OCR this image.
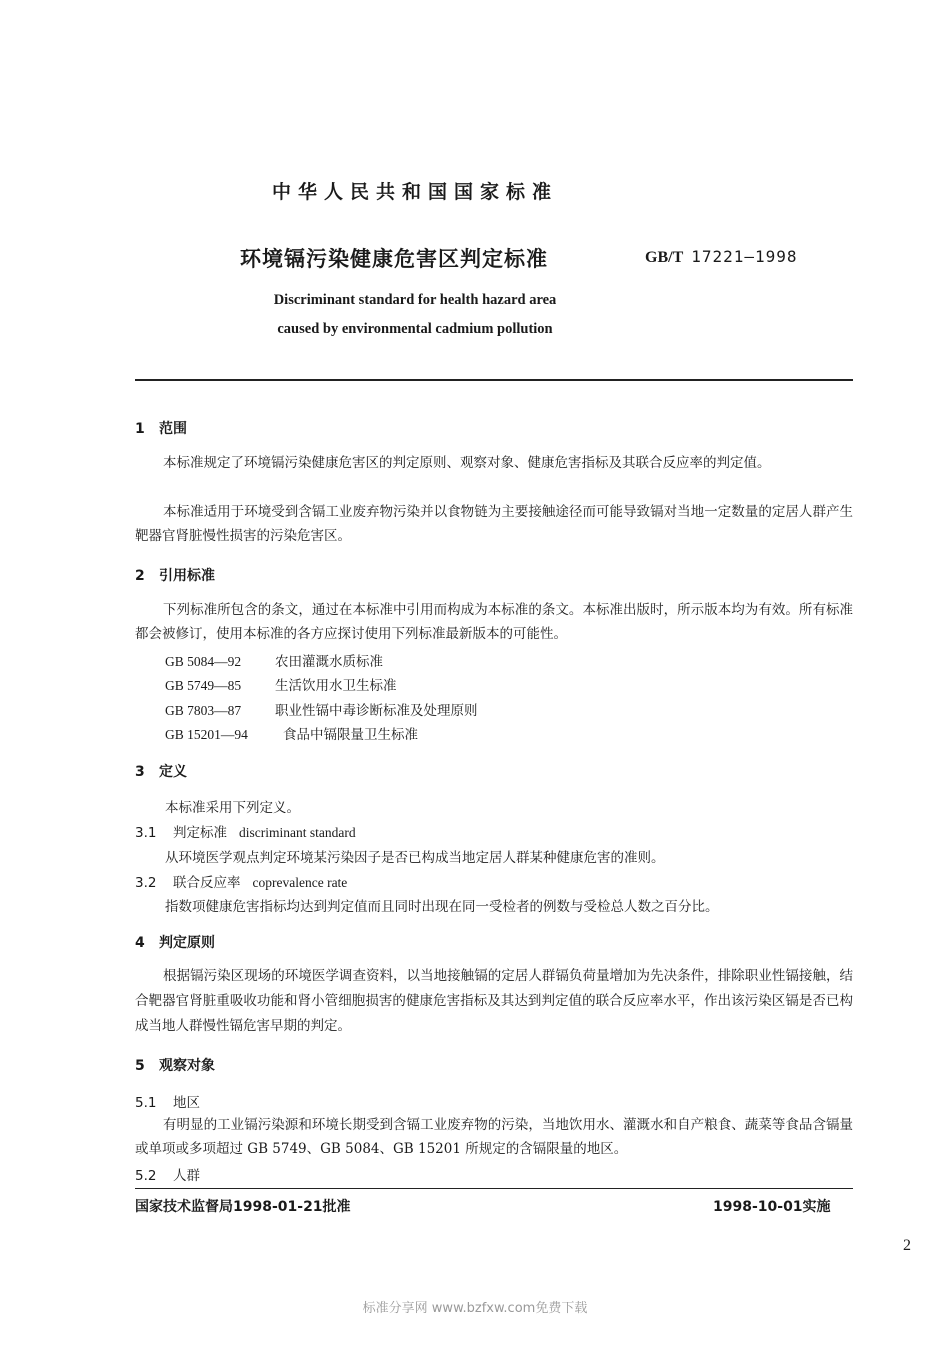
中华人民共和国国家标准
环境镉污染健康危害区判定标准	GB/T 17221—1998
Discriminant standard for health hazard area
caused by environmental cadmium pollution
1 范围
本标准规定了环境镉污染健康危害区的判定原则、观察对象、健康危害指标及其联合反应率的判定值。
本标准适用于环境受到含镉工业废弃物污染并以食物链为主要接触途径而可能导致镉对当地一定数量的定居人群产生靶器官肾脏慢性损害的污染危害区。
2 引用标准
下列标准所包含的条文，通过在本标准中引用而构成为本标准的条文。本标准出版时，所示版本均为有效。所有标准都会被修订，使用本标准的各方应探讨使用下列标准最新版本的可能性。
GB 5084—92	农田灌溉水质标准
GB 5749—85	生活饮用水卫生标准
GB 7803—87	职业性镉中毒诊断标准及处理原则
GB 15201—94	食品中镉限量卫生标准
3 定义
本标准采用下列定义。
3.1 判定标准 discriminant standard
从环境医学观点判定环境某污染因子是否已构成当地定居人群某种健康危害的准则。
3.2 联合反应率 coprevalence rate
指数项健康危害指标均达到判定值而且同时出现在同一受检者的例数与受检总人数之百分比。
4 判定原则
根据镉污染区现场的环境医学调查资料，以当地接触镉的定居人群镉负荷量增加为先决条件，排除职业性镉接触，结合靶器官肾脏重吸收功能和肾小管细胞损害的健康危害指标及其达到判定值的联合反应率水平，作出该污染区镉是否已构成当地人群慢性镉危害早期的判定。
5 观察对象
5.1 地区
有明显的工业镉污染源和环境长期受到含镉工业废弃物的污染，当地饮用水、灌溉水和自产粮食、蔬菜等食品含镉量或单项或多项超过 GB 5749、GB 5084、GB 15201 所规定的含镉限量的地区。
5.2 人群
国家技术监督局1998-01-21批准	1998-10-01实施
2
标准分享网 www.bzfxw.com免费下载
